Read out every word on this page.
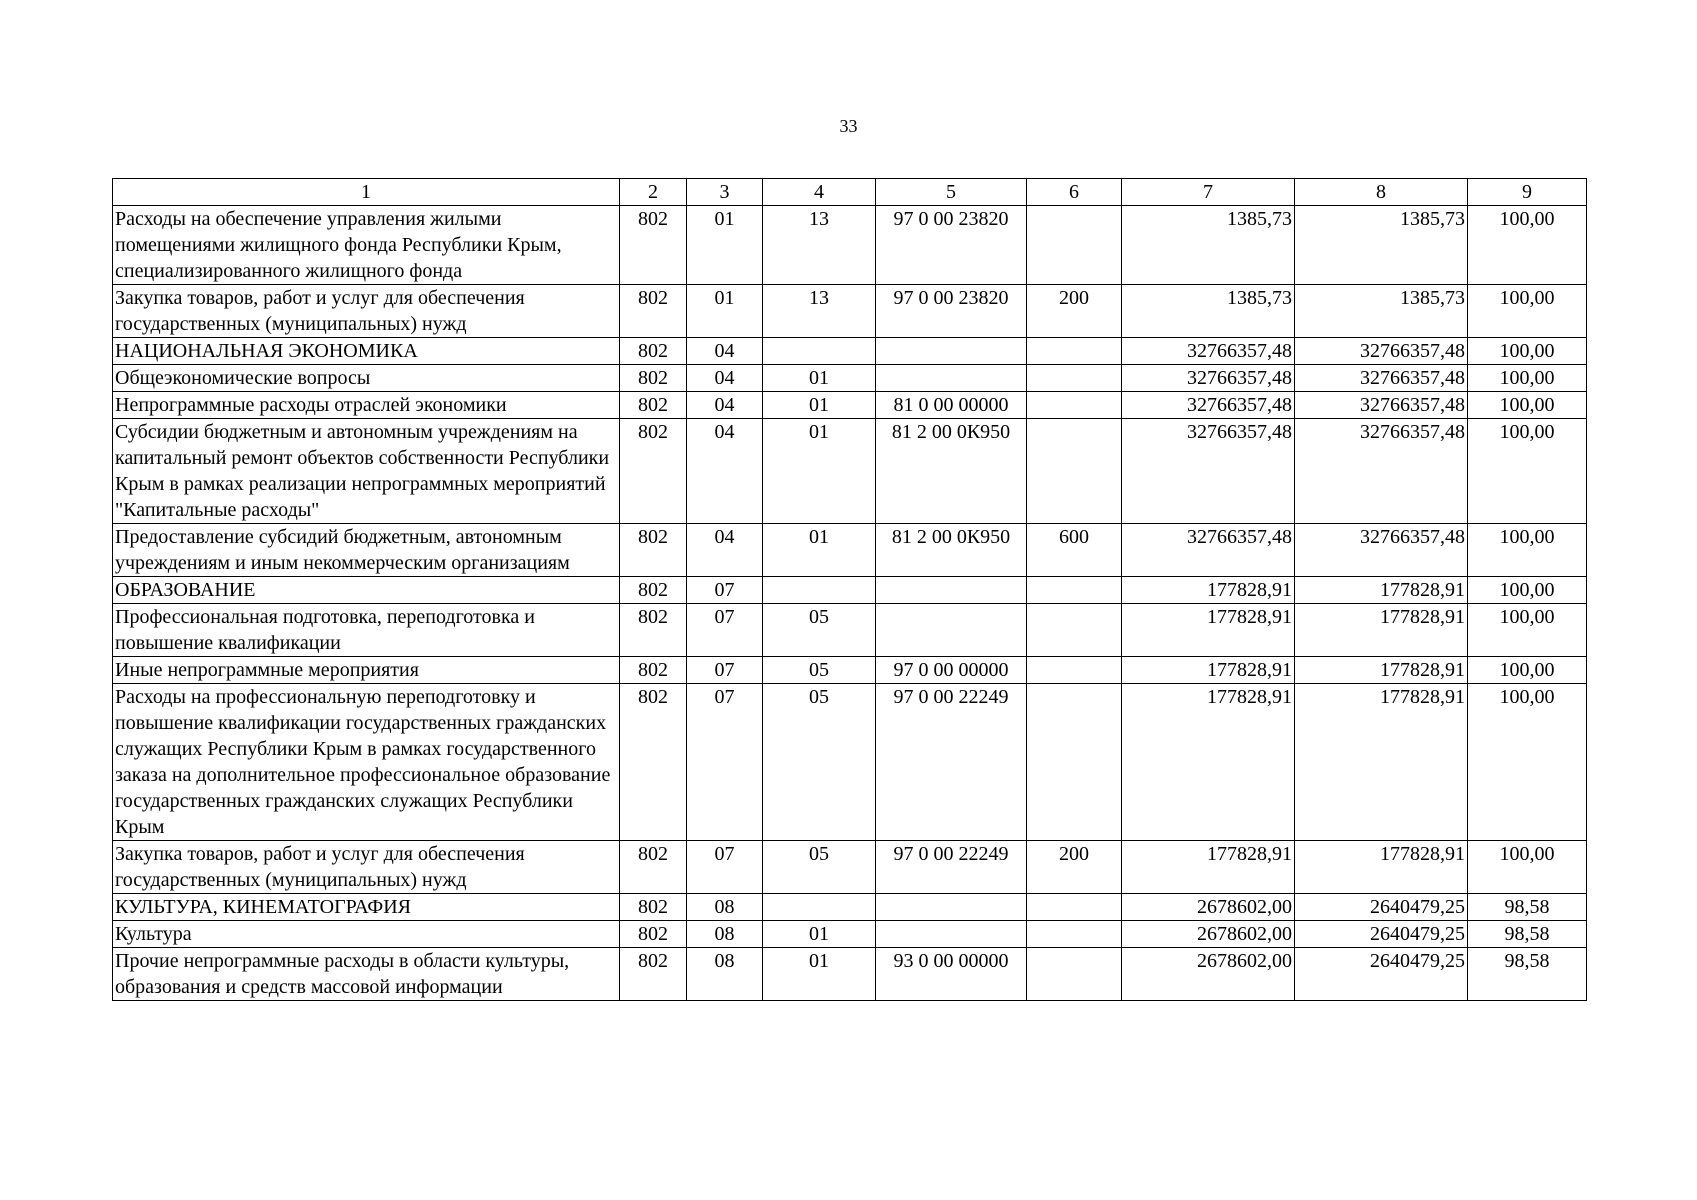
33
1	2	3	4	5	6	7	8	9
Расходы на обеспечение управления жилыми помещениями жилищного фонда Республики Крым, специализированного жилищного фонда	802	01	13	97 0 00 23820		1385,73	1385,73	100,00
Закупка товаров, работ и услуг для обеспечения государственных (муниципальных) нужд	802	01	13	97 0 00 23820	200	1385,73	1385,73	100,00
НАЦИОНАЛЬНАЯ ЭКОНОМИКА	802	04				32766357,48	32766357,48	100,00
Общеэкономические вопросы	802	04	01			32766357,48	32766357,48	100,00
Непрограммные расходы отраслей экономики	802	04	01	81 0 00 00000		32766357,48	32766357,48	100,00
Субсидии бюджетным и автономным учреждениям на капитальный ремонт объектов собственности Республики Крым в рамках реализации непрограммных мероприятий "Капитальные расходы"	802	04	01	81 2 00 0К950		32766357,48	32766357,48	100,00
Предоставление субсидий бюджетным, автономным учреждениям и иным некоммерческим организациям	802	04	01	81 2 00 0К950	600	32766357,48	32766357,48	100,00
ОБРАЗОВАНИЕ	802	07				177828,91	177828,91	100,00
Профессиональная подготовка, переподготовка и повышение квалификации	802	07	05			177828,91	177828,91	100,00
Иные непрограммные мероприятия	802	07	05	97 0 00 00000		177828,91	177828,91	100,00
Расходы на профессиональную переподготовку и повышение квалификации государственных гражданских служащих Республики Крым в рамках государственного заказа на дополнительное профессиональное образование государственных гражданских служащих Республики Крым	802	07	05	97 0 00 22249		177828,91	177828,91	100,00
Закупка товаров, работ и услуг для обеспечения государственных (муниципальных) нужд	802	07	05	97 0 00 22249	200	177828,91	177828,91	100,00
КУЛЬТУРА, КИНЕМАТОГРАФИЯ	802	08				2678602,00	2640479,25	98,58
Культура	802	08	01			2678602,00	2640479,25	98,58
Прочие непрограммные расходы в области культуры, образования и средств массовой информации	802	08	01	93 0 00 00000		2678602,00	2640479,25	98,58
